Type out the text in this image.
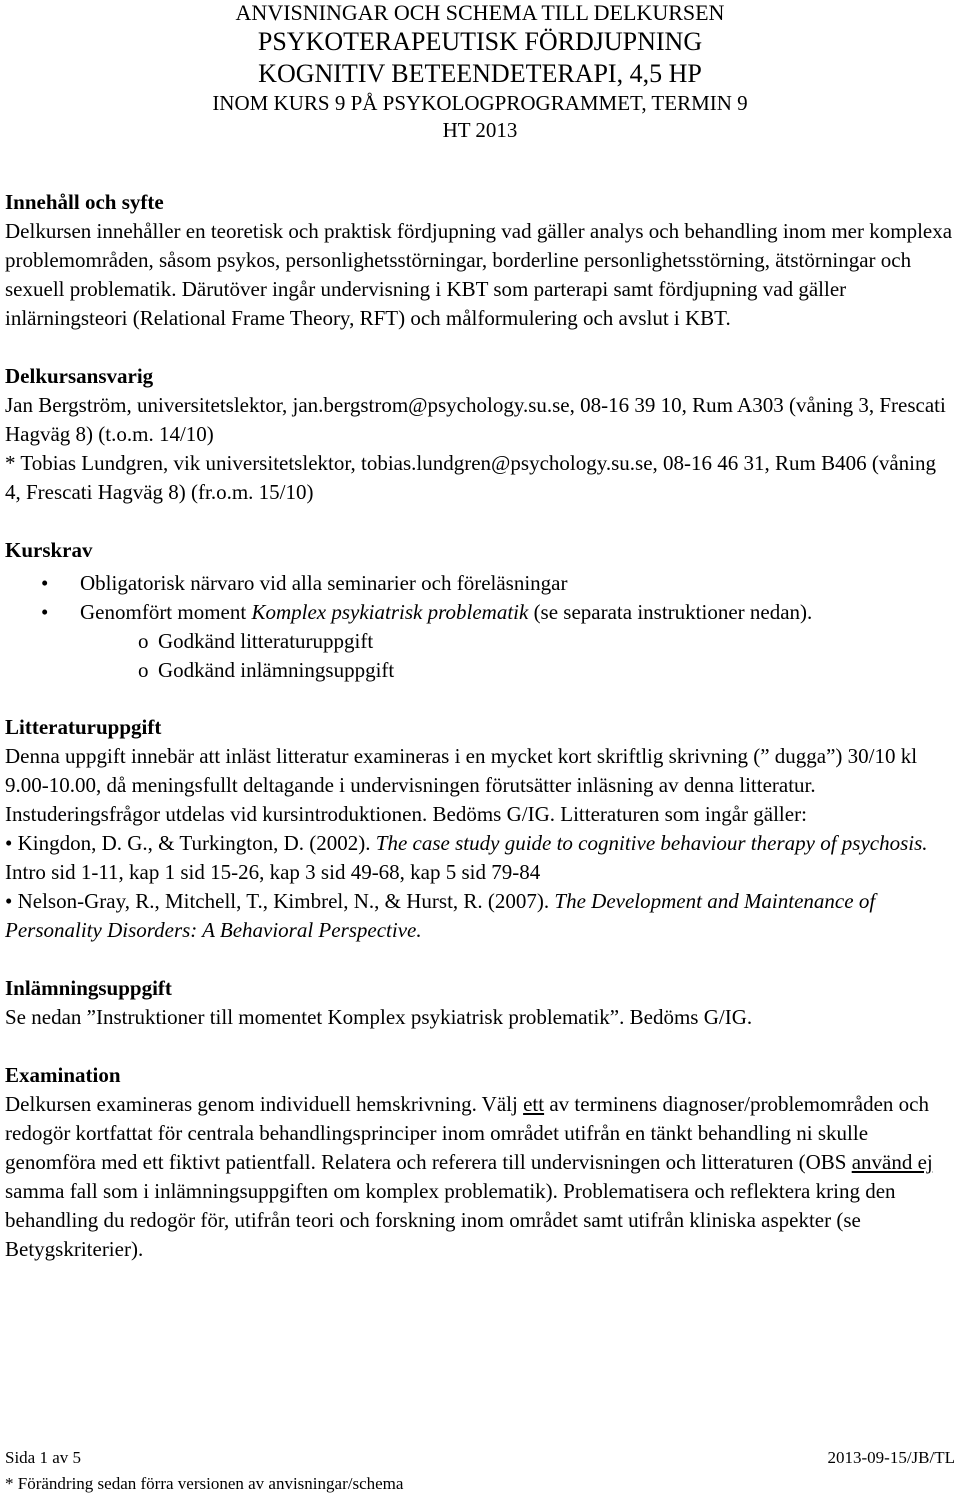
ANVISNINGAR OCH SCHEMA TILL DELKURSEN
PSYKOTERAPEUTISK FÖRDJUPNING
KOGNITIV BETEENDETERAPI, 4,5 HP
INOM KURS 9 PÅ PSYKOLOGPROGRAMMET, TERMIN 9
HT 2013
Innehåll och syfte

Delkursen innehåller en teoretisk och praktisk fördjupning vad gäller analys och behandling inom mer komplexa problemområden, såsom psykos, personlighetsstörningar, borderline personlighetsstörning, ätstörningar och sexuell problematik. Därutöver ingår undervisning i KBT som parterapi samt fördjupning vad gäller inlärningsteori (Relational Frame Theory, RFT) och målformulering och avslut i KBT.

Delkursansvarig

Jan Bergström, universitetslektor, jan.bergstrom@psychology.su.se, 08-16 39 10, Rum A303 (våning 3, Frescati Hagväg 8) (t.o.m. 14/10)

* Tobias Lundgren, vik universitetslektor, tobias.lundgren@psychology.su.se, 08-16 46 31, Rum B406 (våning 4, Frescati Hagväg 8) (fr.o.m. 15/10)

Kurskrav
• Obligatorisk närvaro vid alla seminarier och föreläsningar
• Genomfört moment Komplex psykiatrisk problematik (se separata instruktioner nedan).
o Godkänd litteraturuppgift
o Godkänd inlämningsuppgift
Litteraturuppgift

Denna uppgift innebär att inläst litteratur examineras i en mycket kort skriftlig skrivning (” dugga”) 30/10 kl 9.00-10.00, då meningsfullt deltagande i undervisningen förutsätter inläsning av denna litteratur. Instuderingsfrågor utdelas vid kursintroduktionen. Bedöms G/IG. Litteraturen som ingår gäller:

• Kingdon, D. G., & Turkington, D. (2002). The case study guide to cognitive behaviour therapy of psychosis. Intro sid 1-11, kap 1 sid 15-26, kap 3 sid 49-68, kap 5 sid 79-84

• Nelson-Gray, R., Mitchell, T., Kimbrel, N., & Hurst, R. (2007). The Development and Maintenance of Personality Disorders: A Behavioral Perspective.

Inlämningsuppgift

Se nedan ”Instruktioner till momentet Komplex psykiatrisk problematik”. Bedöms G/IG.

Examination

Delkursen examineras genom individuell hemskrivning. Välj ett av terminens diagnoser/problemområden och redogör kortfattat för centrala behandlingsprinciper inom området utifrån en tänkt behandling ni skulle genomföra med ett fiktivt patientfall. Relatera och referera till undervisningen och litteraturen (OBS använd ej samma fall som i inlämningsuppgiften om komplex problematik). Problematisera och reflektera kring den behandling du redogör för, utifrån teori och forskning inom området samt utifrån kliniska aspekter (se Betygskriterier).

Sida 1 av 5	2013-09-15/JB/TL
* Förändring sedan förra versionen av anvisningar/schema
